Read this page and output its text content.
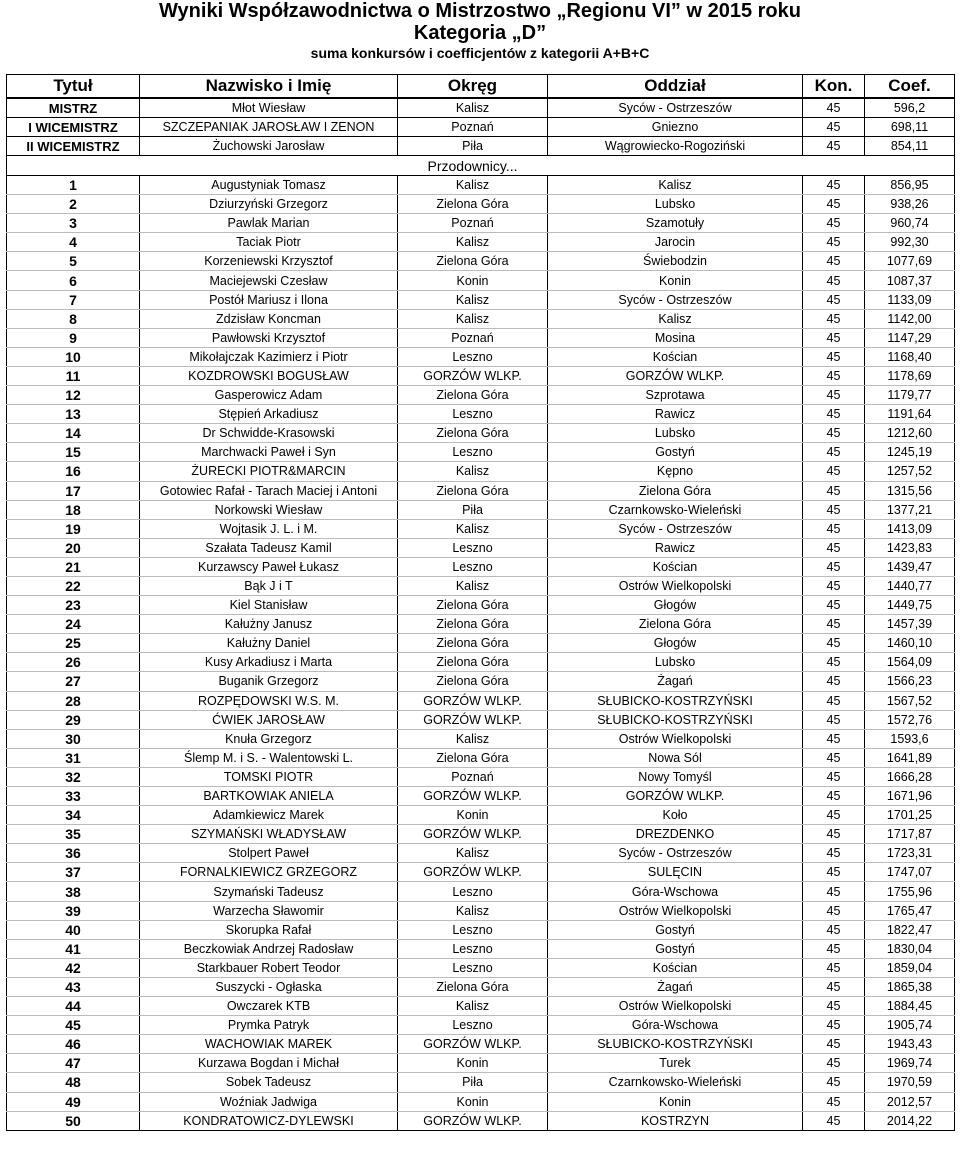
Wyniki Współzawodnictwa o Mistrzostwo „Regionu VI” w 2015 roku
Kategoria „D”
suma konkursów i coefficjentów z kategorii A+B+C
Tytuł	Nazwisko i Imię	Okręg	Oddział	Kon.	Coef.
MISTRZ	Młot Wiesław	Kalisz	Syców - Ostrzeszów	45	596,2
I WICEMISTRZ	SZCZEPANIAK JAROSŁAW I ZENON	Poznań	Gniezno	45	698,11
II WICEMISTRZ	Żuchowski Jarosław	Piła	Wągrowiecko-Rogoziński	45	854,11
		Przodownicy...			
1	Augustyniak Tomasz	Kalisz	Kalisz	45	856,95
2	Dziurzyński Grzegorz	Zielona Góra	Lubsko	45	938,26
3	Pawlak Marian	Poznań	Szamotuły	45	960,74
4	Taciak Piotr	Kalisz	Jarocin	45	992,30
5	Korzeniewski Krzysztof	Zielona Góra	Świebodzin	45	1077,69
6	Maciejewski Czesław	Konin	Konin	45	1087,37
7	Postół Mariusz i Ilona	Kalisz	Syców - Ostrzeszów	45	1133,09
8	Zdzisław Koncman	Kalisz	Kalisz	45	1142,00
9	Pawłowski Krzysztof	Poznań	Mosina	45	1147,29
10	Mikołajczak Kazimierz i Piotr	Leszno	Kościan	45	1168,40
11	KOZDROWSKI BOGUSŁAW	GORZÓW WLKP.	GORZÓW WLKP.	45	1178,69
12	Gasperowicz Adam	Zielona Góra	Szprotawa	45	1179,77
13	Stępień Arkadiusz	Leszno	Rawicz	45	1191,64
14	Dr Schwidde-Krasowski	Zielona Góra	Lubsko	45	1212,60
15	Marchwacki Paweł i Syn	Leszno	Gostyń	45	1245,19
16	ŻURECKI PIOTR&MARCIN	Kalisz	Kępno	45	1257,52
17	Gotowiec Rafał - Tarach Maciej i Antoni	Zielona Góra	Zielona Góra	45	1315,56
18	Norkowski Wiesław	Piła	Czarnkowsko-Wieleński	45	1377,21
19	Wojtasik J. L. i M.	Kalisz	Syców - Ostrzeszów	45	1413,09
20	Szałata Tadeusz Kamil	Leszno	Rawicz	45	1423,83
21	Kurzawscy Paweł Łukasz	Leszno	Kościan	45	1439,47
22	Bąk J i T	Kalisz	Ostrów Wielkopolski	45	1440,77
23	Kiel Stanisław	Zielona Góra	Głogów	45	1449,75
24	Kałużny Janusz	Zielona Góra	Zielona Góra	45	1457,39
25	Kałużny Daniel	Zielona Góra	Głogów	45	1460,10
26	Kusy Arkadiusz i Marta	Zielona Góra	Lubsko	45	1564,09
27	Buganik Grzegorz	Zielona Góra	Żagań	45	1566,23
28	ROZPĘDOWSKI W.S. M.	GORZÓW WLKP.	SŁUBICKO-KOSTRZYŃSKI	45	1567,52
29	ĆWIEK JAROSŁAW	GORZÓW WLKP.	SŁUBICKO-KOSTRZYŃSKI	45	1572,76
30	Knuła Grzegorz	Kalisz	Ostrów Wielkopolski	45	1593,6
31	Ślemp M. i S. - Walentowski L.	Zielona Góra	Nowa Sól	45	1641,89
32	TOMSKI PIOTR	Poznań	Nowy Tomyśl	45	1666,28
33	BARTKOWIAK ANIELA	GORZÓW WLKP.	GORZÓW WLKP.	45	1671,96
34	Adamkiewicz Marek	Konin	Koło	45	1701,25
35	SZYMAŃSKI WŁADYSŁAW	GORZÓW WLKP.	DREZDENKO	45	1717,87
36	Stolpert Paweł	Kalisz	Syców - Ostrzeszów	45	1723,31
37	FORNALKIEWICZ GRZEGORZ	GORZÓW WLKP.	SULĘCIN	45	1747,07
38	Szymański Tadeusz	Leszno	Góra-Wschowa	45	1755,96
39	Warzecha Sławomir	Kalisz	Ostrów Wielkopolski	45	1765,47
40	Skorupka Rafał	Leszno	Gostyń	45	1822,47
41	Beczkowiak Andrzej Radosław	Leszno	Gostyń	45	1830,04
42	Starkbauer Robert Teodor	Leszno	Kościan	45	1859,04
43	Suszycki - Ogłaska	Zielona Góra	Żagań	45	1865,38
44	Owczarek KTB	Kalisz	Ostrów Wielkopolski	45	1884,45
45	Prymka Patryk	Leszno	Góra-Wschowa	45	1905,74
46	WACHOWIAK MAREK	GORZÓW WLKP.	SŁUBICKO-KOSTRZYŃSKI	45	1943,43
47	Kurzawa Bogdan i Michał	Konin	Turek	45	1969,74
48	Sobek Tadeusz	Piła	Czarnkowsko-Wieleński	45	1970,59
49	Woźniak Jadwiga	Konin	Konin	45	2012,57
50	KONDRATOWICZ-DYLEWSKI	GORZÓW WLKP.	KOSTRZYN	45	2014,22
